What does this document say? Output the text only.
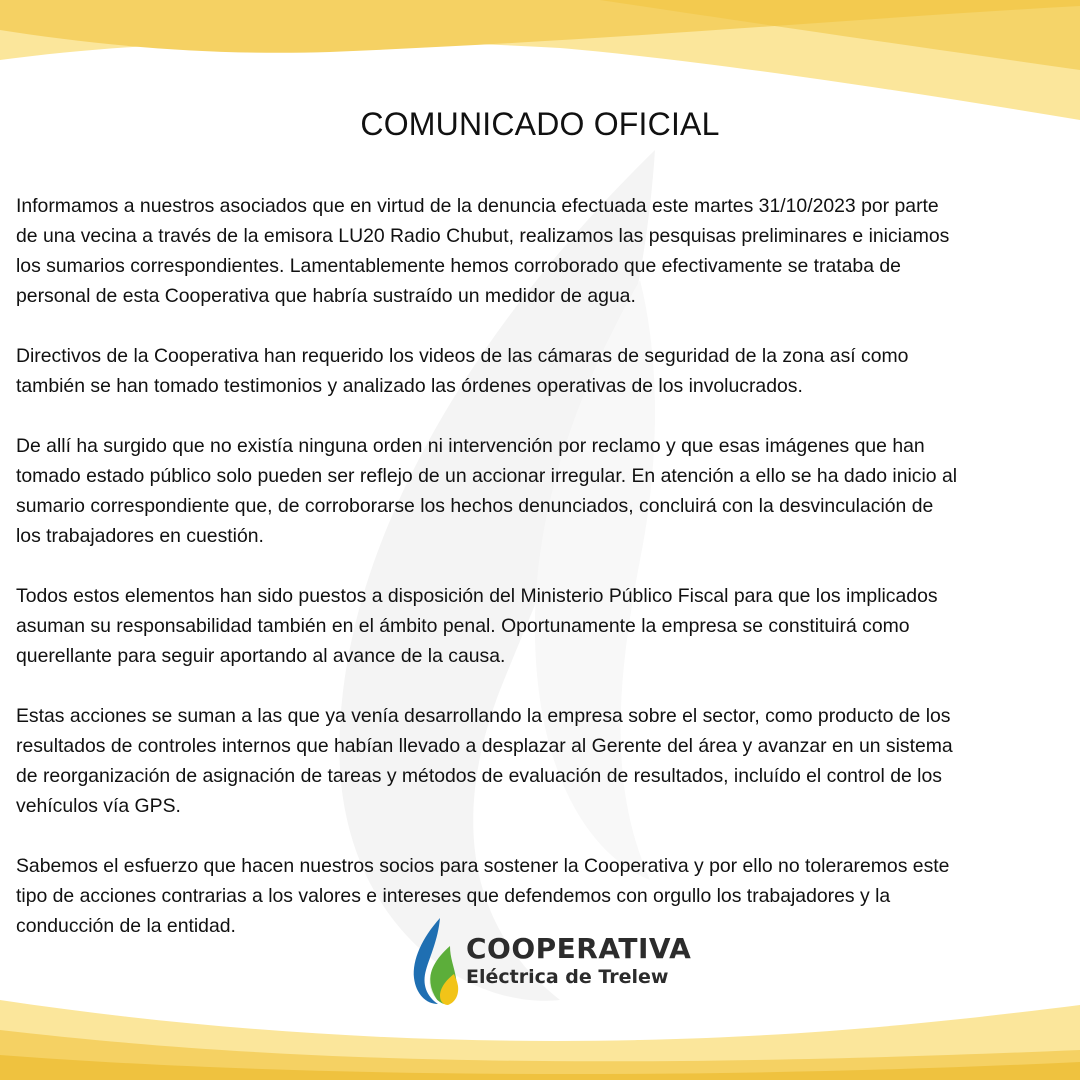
COMUNICADO OFICIAL

Informamos a nuestros asociados que en virtud de la denuncia efectuada este martes 31/10/2023 por parte
de una vecina a través de la emisora LU20 Radio Chubut, realizamos las pesquisas preliminares e iniciamos
los sumarios correspondientes. Lamentablemente hemos corroborado que efectivamente se trataba de
personal de esta Cooperativa que habría sustraído un medidor de agua.

Directivos de la Cooperativa han requerido los videos de las cámaras de seguridad de la zona así como
también se han tomado testimonios y analizado las órdenes operativas de los involucrados.

De allí ha surgido que no existía ninguna orden ni intervención por reclamo y que esas imágenes que han
tomado estado público solo pueden ser reflejo de un accionar irregular. En atención a ello se ha dado inicio al
sumario correspondiente que, de corroborarse los hechos denunciados, concluirá con la desvinculación de
los trabajadores en cuestión.

Todos estos elementos han sido puestos a disposición del Ministerio Público Fiscal para que los implicados
asuman su responsabilidad también en el ámbito penal. Oportunamente la empresa se constituirá como
querellante para seguir aportando al avance de la causa.

Estas acciones se suman a las que ya venía desarrollando la empresa sobre el sector, como producto de los
resultados de controles internos que habían llevado a desplazar al Gerente del área y avanzar en un sistema
de reorganización de asignación de tareas y métodos de evaluación de resultados, incluído el control de los
vehículos vía GPS.

Sabemos el esfuerzo que hacen nuestros socios para sostener la Cooperativa y por ello no toleraremos este
tipo de acciones contrarias a los valores e intereses que defendemos con orgullo los trabajadores y la
conducción de la entidad.

COOPERATIVA
Eléctrica de Trelew
